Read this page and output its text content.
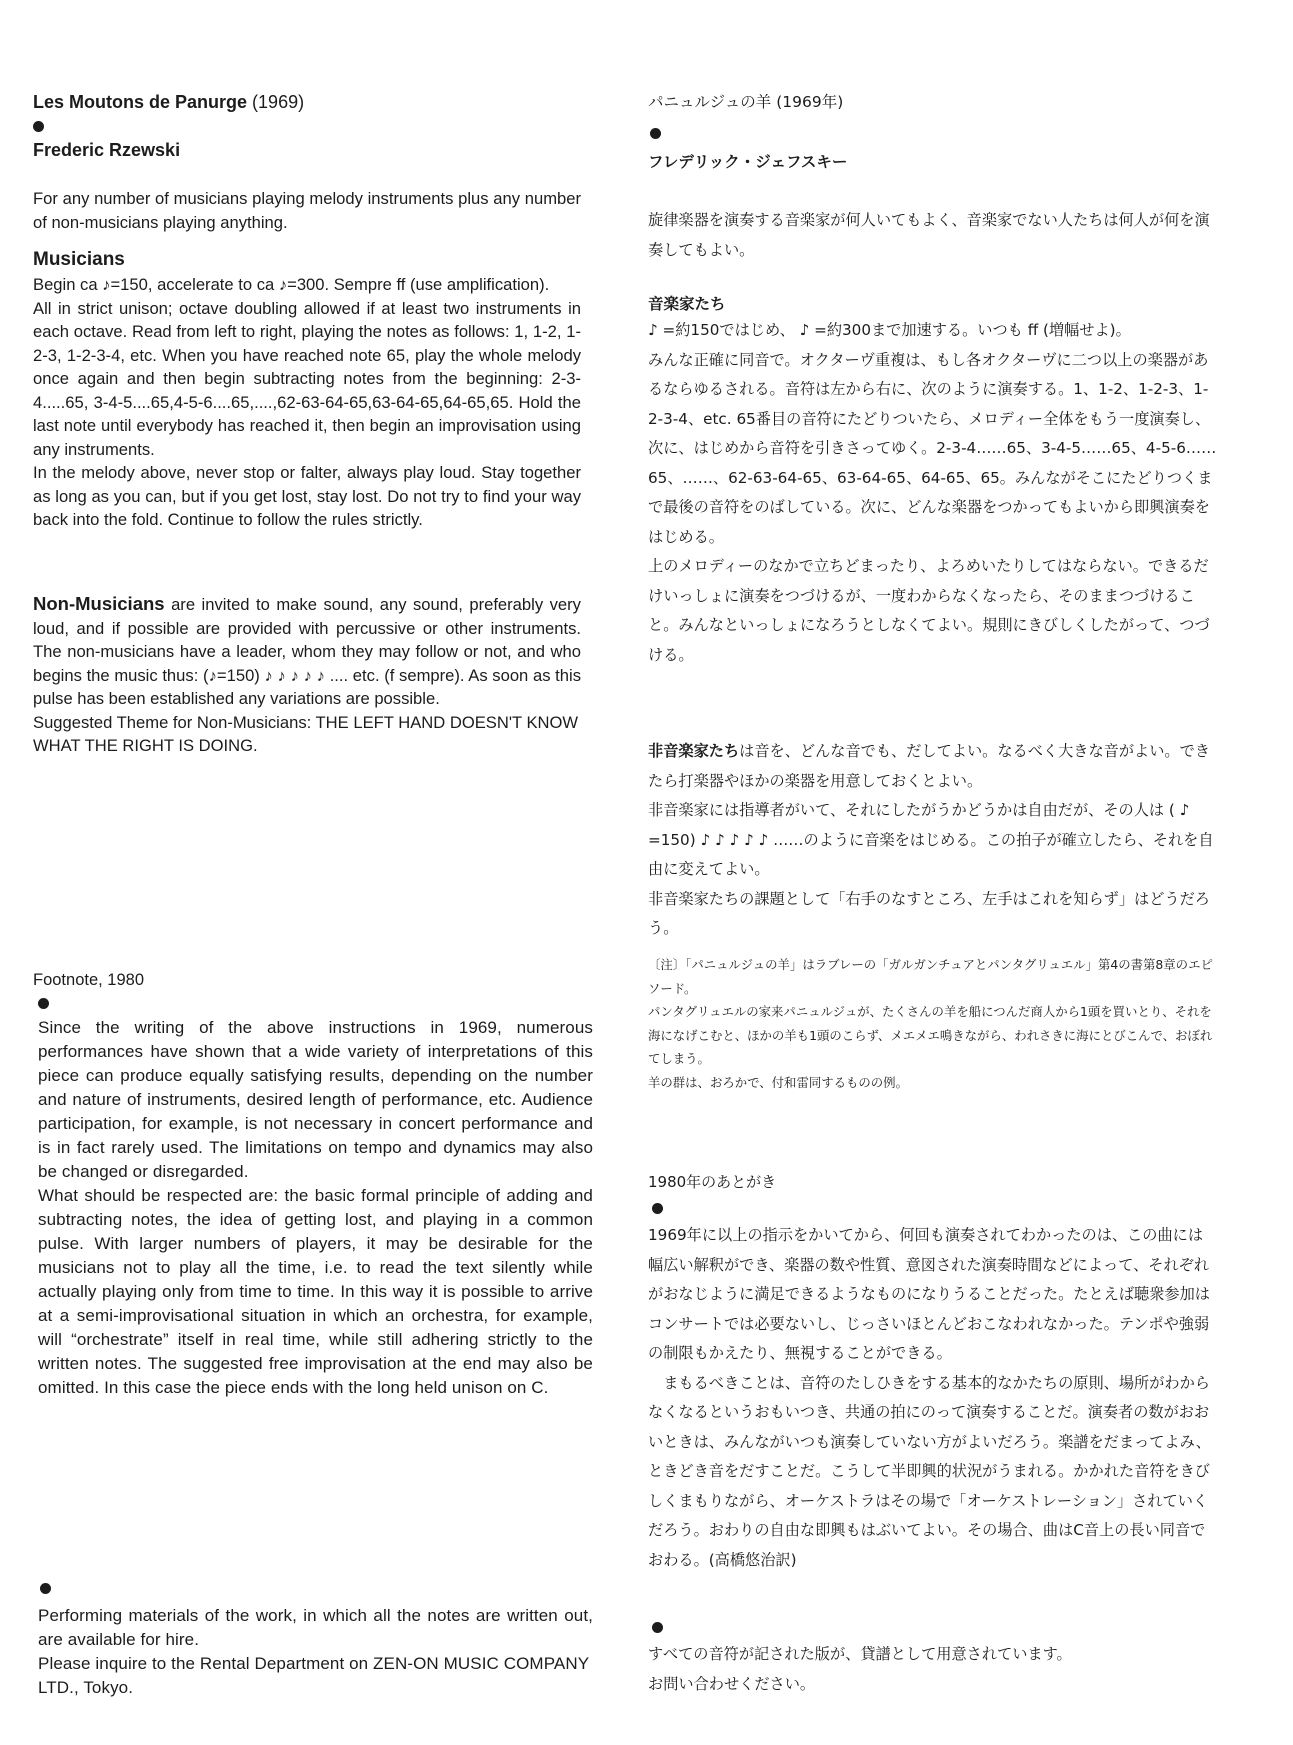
Les Moutons de Panurge (1969)
Frederic Rzewski

For any number of musicians playing melody instruments plus any number of non-musicians playing anything.

Musicians

Begin ca ♪=150, accelerate to ca ♪=300. Sempre ff (use amplification).

All in strict unison; octave doubling allowed if at least two instruments in each octave. Read from left to right, playing the notes as follows: 1, 1-2, 1-2-3, 1-2-3-4, etc. When you have reached note 65, play the whole melody once again and then begin subtracting notes from the beginning: 2-3-4.....65, 3-4-5....65,4-5-6....65,....,62-63-64-65,63-64-65,64-65,65. Hold the last note until everybody has reached it, then begin an improvisation using any instruments.

In the melody above, never stop or falter, always play loud. Stay together as long as you can, but if you get lost, stay lost. Do not try to find your way back into the fold. Continue to follow the rules strictly.

Non-Musicians are invited to make sound, any sound, preferably very loud, and if possible are provided with percussive or other instruments. The non-musicians have a leader, whom they may follow or not, and who begins the music thus: (♪=150) ♪ ♪ ♪ ♪ ♪ .... etc. (f sempre). As soon as this pulse has been established any variations are possible.

Suggested Theme for Non-Musicians: THE LEFT HAND DOESN'T KNOW WHAT THE RIGHT IS DOING.

Footnote, 1980

Since the writing of the above instructions in 1969, numerous performances have shown that a wide variety of interpretations of this piece can produce equally satisfying results, depending on the number and nature of instruments, desired length of performance, etc. Audience participation, for example, is not necessary in concert performance and is in fact rarely used. The limitations on tempo and dynamics may also be changed or disregarded.

What should be respected are: the basic formal principle of adding and subtracting notes, the idea of getting lost, and playing in a common pulse. With larger numbers of players, it may be desirable for the musicians not to play all the time, i.e. to read the text silently while actually playing only from time to time. In this way it is possible to arrive at a semi-improvisational situation in which an orchestra, for example, will “orchestrate” itself in real time, while still adhering strictly to the written notes. The suggested free improvisation at the end may also be omitted. In this case the piece ends with the long held unison on C.

Performing materials of the work, in which all the notes are written out, are available for hire.

Please inquire to the Rental Department on ZEN-ON MUSIC COMPANY LTD., Tokyo.

パニュルジュの羊 (1969年)
フレデリック・ジェフスキー

旋律楽器を演奏する音楽家が何人いてもよく、音楽家でない人たちは何人が何を演奏してもよい。

音楽家たち

♪ =約150ではじめ、 ♪ =約300まで加速する。いつも ff (増幅せよ)。

みんな正確に同音で。オクターヴ重複は、もし各オクターヴに二つ以上の楽器があるならゆるされる。音符は左から右に、次のように演奏する。1、1-2、1-2-3、1-2-3-4、etc. 65番目の音符にたどりついたら、メロディー全体をもう一度演奏し、次に、はじめから音符を引きさってゆく。2-3-4……65、3-4-5……65、4-5-6……65、……、62-63-64-65、63-64-65、64-65、65。みんながそこにたどりつくまで最後の音符をのばしている。次に、どんな楽器をつかってもよいから即興演奏をはじめる。

上のメロディーのなかで立ちどまったり、よろめいたりしてはならない。できるだけいっしょに演奏をつづけるが、一度わからなくなったら、そのままつづけること。みんなといっしょになろうとしなくてよい。規則にきびしくしたがって、つづける。

非音楽家たちは音を、どんな音でも、だしてよい。なるべく大きな音がよい。できたら打楽器やほかの楽器を用意しておくとよい。

非音楽家には指導者がいて、それにしたがうかどうかは自由だが、その人は ( ♪ =150) ♪ ♪ ♪ ♪ ♪ ……のように音楽をはじめる。この拍子が確立したら、それを自由に変えてよい。

非音楽家たちの課題として「右手のなすところ、左手はこれを知らず」はどうだろう。

〔注〕「パニュルジュの羊」はラブレーの「ガルガンチュアとパンタグリュエル」第4の書第8章のエピソード。

パンタグリュエルの家来パニュルジュが、たくさんの羊を船につんだ商人から1頭を買いとり、それを海になげこむと、ほかの羊も1頭のこらず、メエメエ鳴きながら、われさきに海にとびこんで、おぼれてしまう。

羊の群は、おろかで、付和雷同するものの例。

1980年のあとがき

1969年に以上の指示をかいてから、何回も演奏されてわかったのは、この曲には幅広い解釈ができ、楽器の数や性質、意図された演奏時間などによって、それぞれがおなじように満足できるようなものになりうることだった。たとえば聴衆参加はコンサートでは必要ないし、じっさいほとんどおこなわれなかった。テンポや強弱の制限もかえたり、無視することができる。

まもるべきことは、音符のたしひきをする基本的なかたちの原則、場所がわからなくなるというおもいつき、共通の拍にのって演奏することだ。演奏者の数がおおいときは、みんながいつも演奏していない方がよいだろう。楽譜をだまってよみ、ときどき音をだすことだ。こうして半即興的状況がうまれる。かかれた音符をきびしくまもりながら、オーケストラはその場で「オーケストレーション」されていくだろう。おわりの自由な即興もはぶいてよい。その場合、曲はC音上の長い同音でおわる。(高橋悠治訳)

すべての音符が記された版が、貸譜として用意されています。

お問い合わせください。
